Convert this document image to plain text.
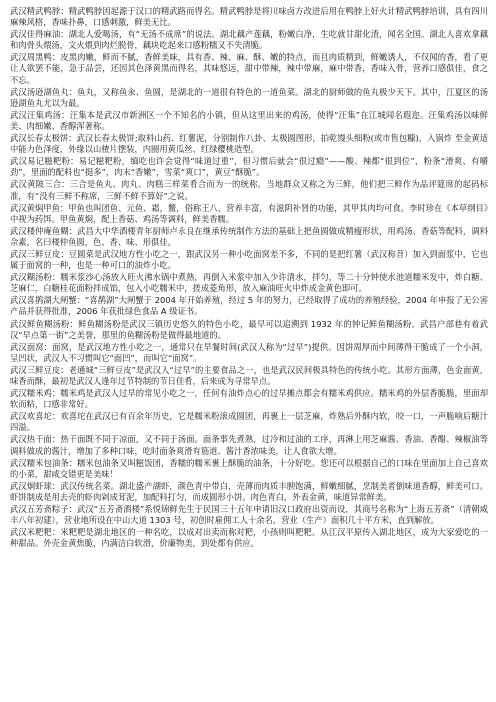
武汉精武鸭脖：精武鸭脖因起源于汉口的精武路而得名。精武鸭脖是将川味卤方改进后用在鸭脖上好火计精武鸭脖培训，具有四川麻辣风格，香味扑鼻，口感刺激，鲜美无比。

武汉佳得麻油：湖北人爱喝汤，有“无汤不成席”的说法。湖北藕产莲藕，粉嫩白净，生吃就甘甜化渣，闻名全国。湖北人喜欢拿藕和肉骨头煨汤，文火煨到肉烂脱骨，藕块吃起来口感粉糯又不失清脆。

武汉周黑鸭：皮黑肉嫩，鲜而不腻，香鲜美味，具有香、辣、麻、酥、嫩的特点，而且肉质精到，鲜嫩诱人，不仅闻的香，看了更让人欲罢不能，急于品尝，还因其色泽黄黑而得名，其味悠远，甜中带辣，辣中带麻，麻中带香，香味入骨，营养口感俱佳，食之不忘。

武汉汤逊湖鱼丸：鱼丸，又称鱼汆、鱼圆，是湖北的一道很有特色的一道鱼菜。湖北的厨师做的鱼丸极少天下。其中，江夏区的汤逊湖鱼丸尤以为最。

武汉汪集鸡汤：汪集本是武汉市新洲区一个不知名的小镇，但从这里出来的鸡汤，使得“汪集”在江城闻名遐迩。汪集鸡汤以味鲜美、肉细嫩、香醇浑著称。

武汉长春太极饼：武汉长春太极饼;取料山药、红薯泥，分别制作八卦、太极圆图形，拍乾馒头细粉(或市售包糠)，入锅炸 至金黄适中能力色泽度，外缘以山楂片摆装，内圈用黄瓜丝、红绿樱桃造型。

武汉易记糍粑粉：易记糍粑粉，缅吃也许会觉得“味道过重”，但习惯后就会“很过瘾”——酸、辣都“很到位”，粉条“滑爽、有嚼劲”，里面的配料也“挺多”，肉末“香嫩”，雪菜“爽口”，黄豆“酥脆”。

武汉黄陂三合：三合是鱼丸、肉丸、肉糕三样菜肴合而为一的统称。当地群众又称之为三鲜，他们把三鲜作为品评筵席的起码标准，有“没有三鲜不称席，三鲜不鲜不算好”之说。

武汉黄焖甲鱼：甲鱼也叫团鱼、元鱼、霜，鳖，俗称王八，营养丰富，有滋阴补肾的功能，其甲其肉均可食。李时珍在《本草纲目》中视为药饵。甲鱼黄焖，配上香菇、鸡汤等调料，鲜美香糯。

武汉楼仲庵鱼糊：武昌大中华酒楼青年厨师卢永良在继承传统制作方法的基础上把鱼圆做成精瘦形状，用鸡汤、香菇等配料，调料佘素，名曰楼仲鱼圆，色、香、味、形俱佳。

武汉三鲜豆皮：豆圆菜是武汉地方性小吃之一，跟武汉另一种小吃面窝差不多，不同的是把红薯（武汉称苕）加入到面浆中，它也属于面窝的一种，也是一种可口的油炸小吃。

武汉糊汤粉：糯米浆沙心汤放入旺火沸水锅中煮熟，再倒入米浆中加入少许清水，拌匀，等二十分钟使水池道糯米发中，炸白糖、芝麻仁，白糖桂花面粉拌成馅，包入小吃糯米中，搓成菱角形，放入麻油旺火中炸成金黄色即可。

武汉喜鹊湖大闸蟹：“喜鹊湖”大闸蟹于 2004 年开始养殖，经过 5 年的努力，已经取得了成功的养殖经验，2004 年申报了无公害产品并获得批准，2006 年获批绿色食品 A 级证书。

武汉鲜鱼糊汤粉：鲜鱼糊汤粉是武汉三镇历史悠久的特色小吃，最早可以追溯到 1932 年的钟记鲜鱼糊汤粉。武昌户部巷有着武汉“早点第一街”之美誉，那里的鱼糊汤粉是做得最地道的。

武汉面窝：面窝，是武汉地方性小吃之一，通常只在早餐时间(武汉人称为“过早”)提供。因饼周厚而中间薄得干脆成了一个小洞，呈凹状，武汉人不习惯叫它“面凹”，而叫它“面窝”。

武汉三鲜豆皮：老通城“三鲜豆皮”是武汉人“过早”的主要食品之一，也是武汉民间极具特色的传统小吃。其形方面薄，色金面黄，味香而酥，最初是武汉人逢年过节特制的节日佳肴，后来成为寻常早点。

武汉糯米鸡：糯米鸡是武汉人过早的常见小吃之一，任何有油炸点心的过早摊点都会有糯米鸡供应。糯米鸡的外层香脆脆，里面却软而粘，口感非常好。

武汉欢喜坨：欢喜坨在武汉已有百余年历史，它是糯米粉滚成圆团，再裹上一层芝麻，炸熟后外酥内软，咬一口，一声脆响后糖汁四溢。

武汉热干面：热干面既不同于凉面，又不同于汤面。面条事先煮熟，过冷和过油的工序，再淋上用芝麻酱、香油、香醋、辣椒油等调料做成的酱汁，增加了多种口味，吃时面条爽滑有筋道、酱汁香浓味美，让人食欲大增。

武汉糯米包油条：糯米包油条又叫糍饭团，香糯的糯米裹上酥脆的油条，十分好吃。您还可以根据自己的口味在里面加上自己喜欢的小菜，甜咸交错更是美味！

武汉炯虾球：武汉传统名菜。湖北盛产湖虾，颜色青中带白，壳薄而肉质丰腴饱满，鲜嫩细腻，烹制美者倒味道香醇，鲜美可口。虾饼制成是用去壳的虾肉剁成茸泥，加配料打匀，而成圆形小饼。肉色青白，外表金黄，味道异常鲜美。

武汉五芳斋粽子：武汉“五芳斋酒楼”系悦锦鲜先生于民国三十五年申请旧汉口政府出资而设，其商号名称为“上海五芳斋”（清朝咸丰八年初建），营业地所设在中山大道 1303 号，初创时雇佣工人十余名，营业（生产）面积几十平方米，直到解放。

武汉米粑粑：米粑粑是湖北地区的一种名吃，以成对出卖而称对粑，小孩则叫粑粑。从江汉平原传入湖北地区，成为大家爱吃的一种甜品。外壳金黄焦脆，内满洁白软滑，价廉物美，到处都有供应。
